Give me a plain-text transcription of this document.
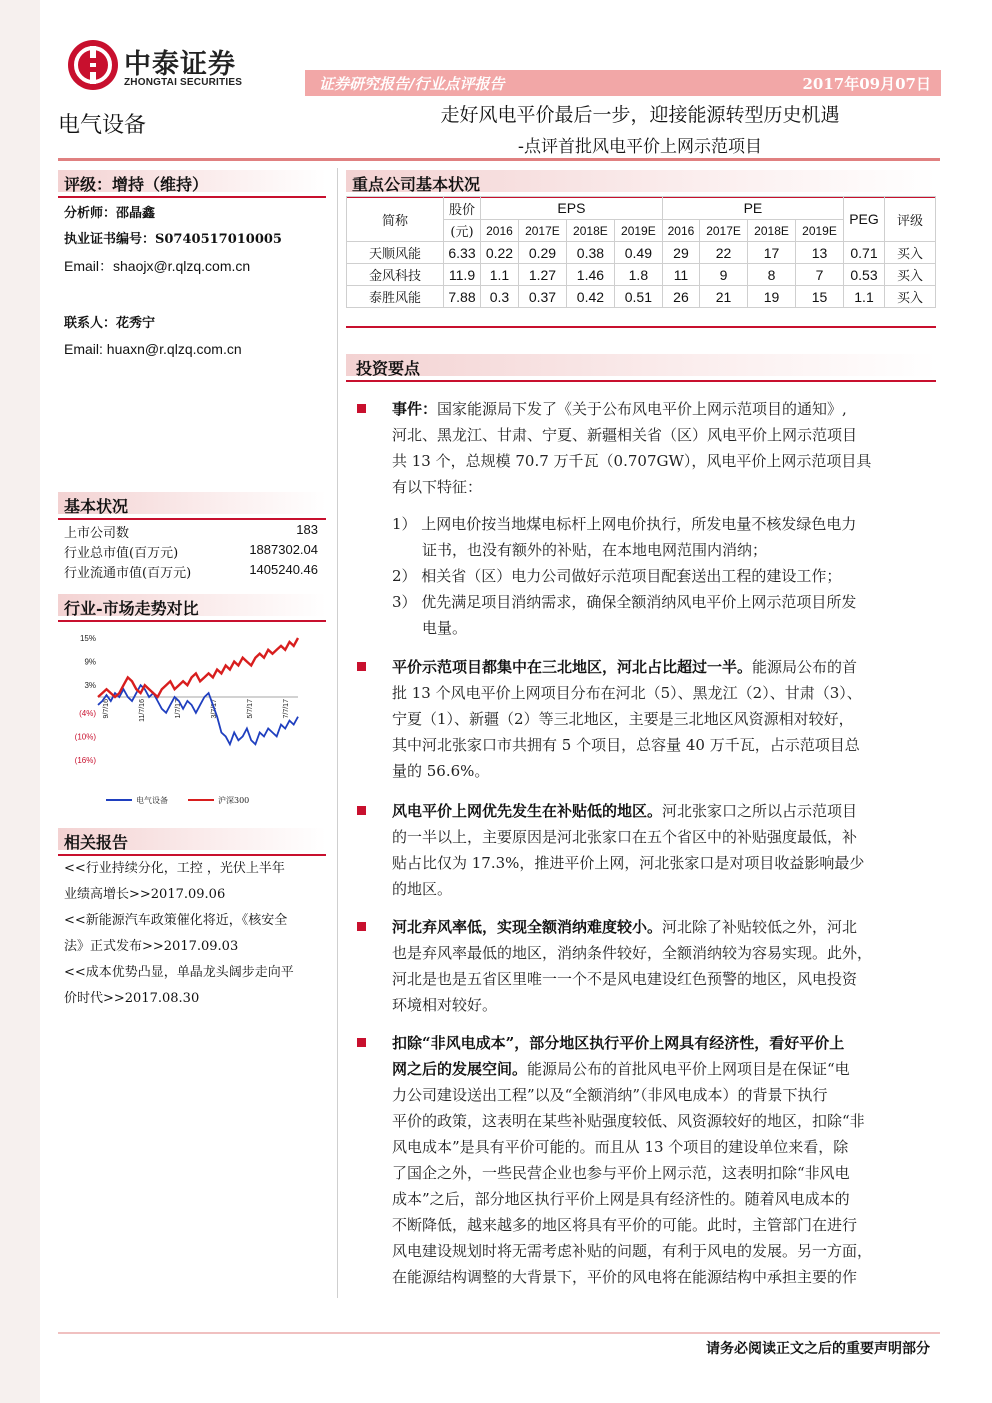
中泰证券
ZHONGTAI SECURITIES	证券研究报告/行业点评报告	2017年09月07日
电气设备	走好风电平价最后一步，迎接能源转型历史机遇
-点评首批风电平价上网示范项目
评级：增持（维持）
分析师：邵晶鑫
执业证书编号：S0740517010005
Email：shaojx@r.qlzq.com.cn
联系人：花秀宁
Email: huaxn@r.qlzq.com.cn
基本状况
上市公司数	183
行业总市值(百万元)	1887302.04
行业流通市值(百万元)	1405240.46
行业-市场走势对比
15%
9%
3%
(4%)
(10%)
(16%)
9/7/16	11/7/16	1/7/17	3/7/17	5/7/17	7/7/17
电气设备	沪深300
相关报告
<<行业持续分化，工控 ，光伏上半年
业绩高增长>>2017.09.06
<<新能源汽车政策催化将近，《核安全
法》正式发布>>2017.09.03
<<成本优势凸显，单晶龙头阔步走向平
价时代>>2017.08.30
重点公司基本状况
简称	股价	EPS				PE				PEG	评级
	(元)	2016	2017E	2018E	2019E	2016	2017E	2018E	2019E		
天顺风能	6.33	0.22	0.29	0.38	0.49	29	22	17	13	0.71	买入
金风科技	11.9	1.1	1.27	1.46	1.8	11	9	8	7	0.53	买入
泰胜风能	7.88	0.3	0.37	0.42	0.51	26	21	19	15	1.1	买入
投资要点
事件：国家能源局下发了《关于公布风电平价上网示范项目的通知》,
河北、黑龙江、甘肃、宁夏、新疆相关省（区）风电平价上网示范项目
共 13 个，总规模 70.7 万千瓦（0.707GW），风电平价上网示范项目具
有以下特征：
1） 上网电价按当地煤电标杆上网电价执行，所发电量不核发绿色电力
证书，也没有额外的补贴，在本地电网范围内消纳；
2） 相关省（区）电力公司做好示范项目配套送出工程的建设工作；
3） 优先满足项目消纳需求，确保全额消纳风电平价上网示范项目所发
电量。
平价示范项目都集中在三北地区，河北占比超过一半。能源局公布的首
批 13 个风电平价上网项目分布在河北（5）、黑龙江（2）、甘肃（3）、
宁夏（1）、新疆（2）等三北地区，主要是三北地区风资源相对较好，
其中河北张家口市共拥有 5 个项目，总容量 40 万千瓦，占示范项目总
量的 56.6%。
风电平价上网优先发生在补贴低的地区。河北张家口之所以占示范项目
的一半以上，主要原因是河北张家口在五个省区中的补贴强度最低，补
贴占比仅为 17.3%，推进平价上网，河北张家口是对项目收益影响最少
的地区。
河北弃风率低，实现全额消纳难度较小。河北除了补贴较低之外，河北
也是弃风率最低的地区，消纳条件较好，全额消纳较为容易实现。此外，
河北是也是五省区里唯一一个不是风电建设红色预警的地区，风电投资
环境相对较好。
扣除“非风电成本”，部分地区执行平价上网具有经济性，看好平价上
网之后的发展空间。能源局公布的首批风电平价上网项目是在保证“电
力公司建设送出工程”以及“全额消纳”（非风电成本）的背景下执行
平价的政策，这表明在某些补贴强度较低、风资源较好的地区，扣除“非
风电成本”是具有平价可能的。而且从 13 个项目的建设单位来看，除
了国企之外，一些民营企业也参与平价上网示范，这表明扣除“非风电
成本”之后，部分地区执行平价上网是具有经济性的。随着风电成本的
不断降低，越来越多的地区将具有平价的可能。此时，主管部门在进行
风电建设规划时将无需考虑补贴的问题，有利于风电的发展。另一方面，
在能源结构调整的大背景下，平价的风电将在能源结构中承担主要的作
请务必阅读正文之后的重要声明部分
